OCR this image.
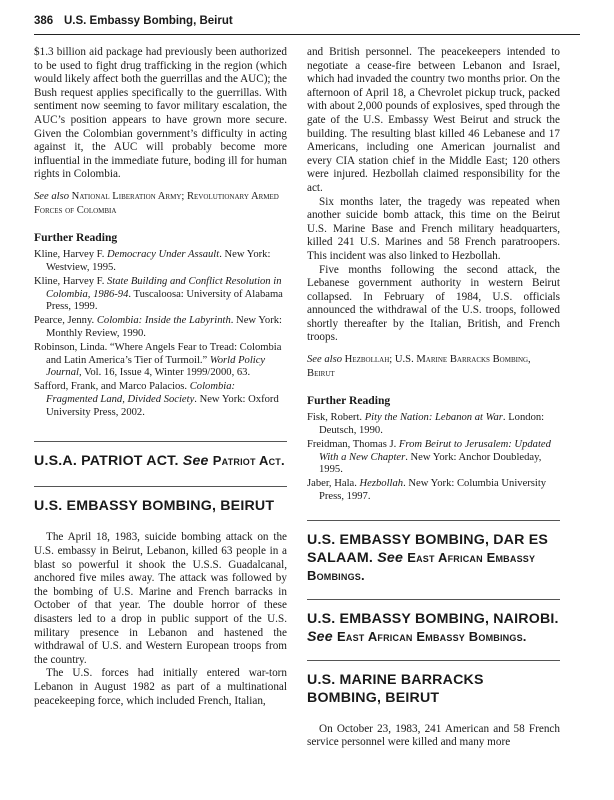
386 U.S. Embassy Bombing, Beirut

$1.3 billion aid package had previously been authorized to be used to fight drug trafficking in the region (which would likely affect both the guerrillas and the AUC); the Bush request applies specifically to the guerrillas. With sentiment now seeming to favor military escalation, the AUC’s position appears to have grown more secure. Given the Colombian government’s difficulty in acting against it, the AUC will probably become more influential in the immediate future, boding ill for human rights in Colombia.

See also National Liberation Army; Revolutionary Armed Forces of Colombia
Further Reading

Kline, Harvey F. Democracy Under Assault. New York: Westview, 1995.

Kline, Harvey F. State Building and Conflict Resolution in Colombia, 1986-94. Tuscaloosa: University of Alabama Press, 1999.

Pearce, Jenny. Colombia: Inside the Labyrinth. New York: Monthly Review, 1990.

Robinson, Linda. “Where Angels Fear to Tread: Colombia and Latin America’s Tier of Turmoil.” World Policy Journal, Vol. 16, Issue 4, Winter 1999/2000, 63.

Safford, Frank, and Marco Palacios. Colombia: Fragmented Land, Divided Society. New York: Oxford University Press, 2002.

U.S.A. PATRIOT ACT. See Patriot Act.
U.S. EMBASSY BOMBING, BEIRUT

The April 18, 1983, suicide bombing attack on the U.S. embassy in Beirut, Lebanon, killed 63 people in a blast so powerful it shook the U.S.S. Guadalcanal, anchored five miles away. The attack was followed by the bombing of U.S. Marine and French barracks in October of that year. The double horror of these disasters led to a drop in public support of the U.S. military presence in Lebanon and hastened the withdrawal of U.S. and Western European troops from the country.

The U.S. forces had initially entered war-torn Lebanon in August 1982 as part of a multinational peacekeeping force, which included French, Italian,

and British personnel. The peacekeepers intended to negotiate a cease-fire between Lebanon and Israel, which had invaded the country two months prior. On the afternoon of April 18, a Chevrolet pickup truck, packed with about 2,000 pounds of explosives, sped through the gate of the U.S. Embassy West Beirut and struck the building. The resulting blast killed 46 Lebanese and 17 Americans, including one American journalist and every CIA station chief in the Middle East; 120 others were injured. Hezbollah claimed responsibility for the act.

Six months later, the tragedy was repeated when another suicide bomb attack, this time on the Beirut U.S. Marine Base and French military headquarters, killed 241 U.S. Marines and 58 French paratroopers. This incident was also linked to Hezbollah.

Five months following the second attack, the Lebanese government authority in western Beirut collapsed. In February of 1984, U.S. officials announced the withdrawal of the U.S. troops, followed shortly thereafter by the Italian, British, and French troops.

See also Hezbollah; U.S. Marine Barracks Bombing, Beirut
Further Reading

Fisk, Robert. Pity the Nation: Lebanon at War. London: Deutsch, 1990.

Freidman, Thomas J. From Beirut to Jerusalem: Updated With a New Chapter. New York: Anchor Doubleday, 1995.

Jaber, Hala. Hezbollah. New York: Columbia University Press, 1997.

U.S. EMBASSY BOMBING, DAR ES SALAAM. See East African Embassy Bombings.
U.S. EMBASSY BOMBING, NAIROBI. See East African Embassy Bombings.
U.S. MARINE BARRACKS BOMBING, BEIRUT

On October 23, 1983, 241 American and 58 French service personnel were killed and many more
